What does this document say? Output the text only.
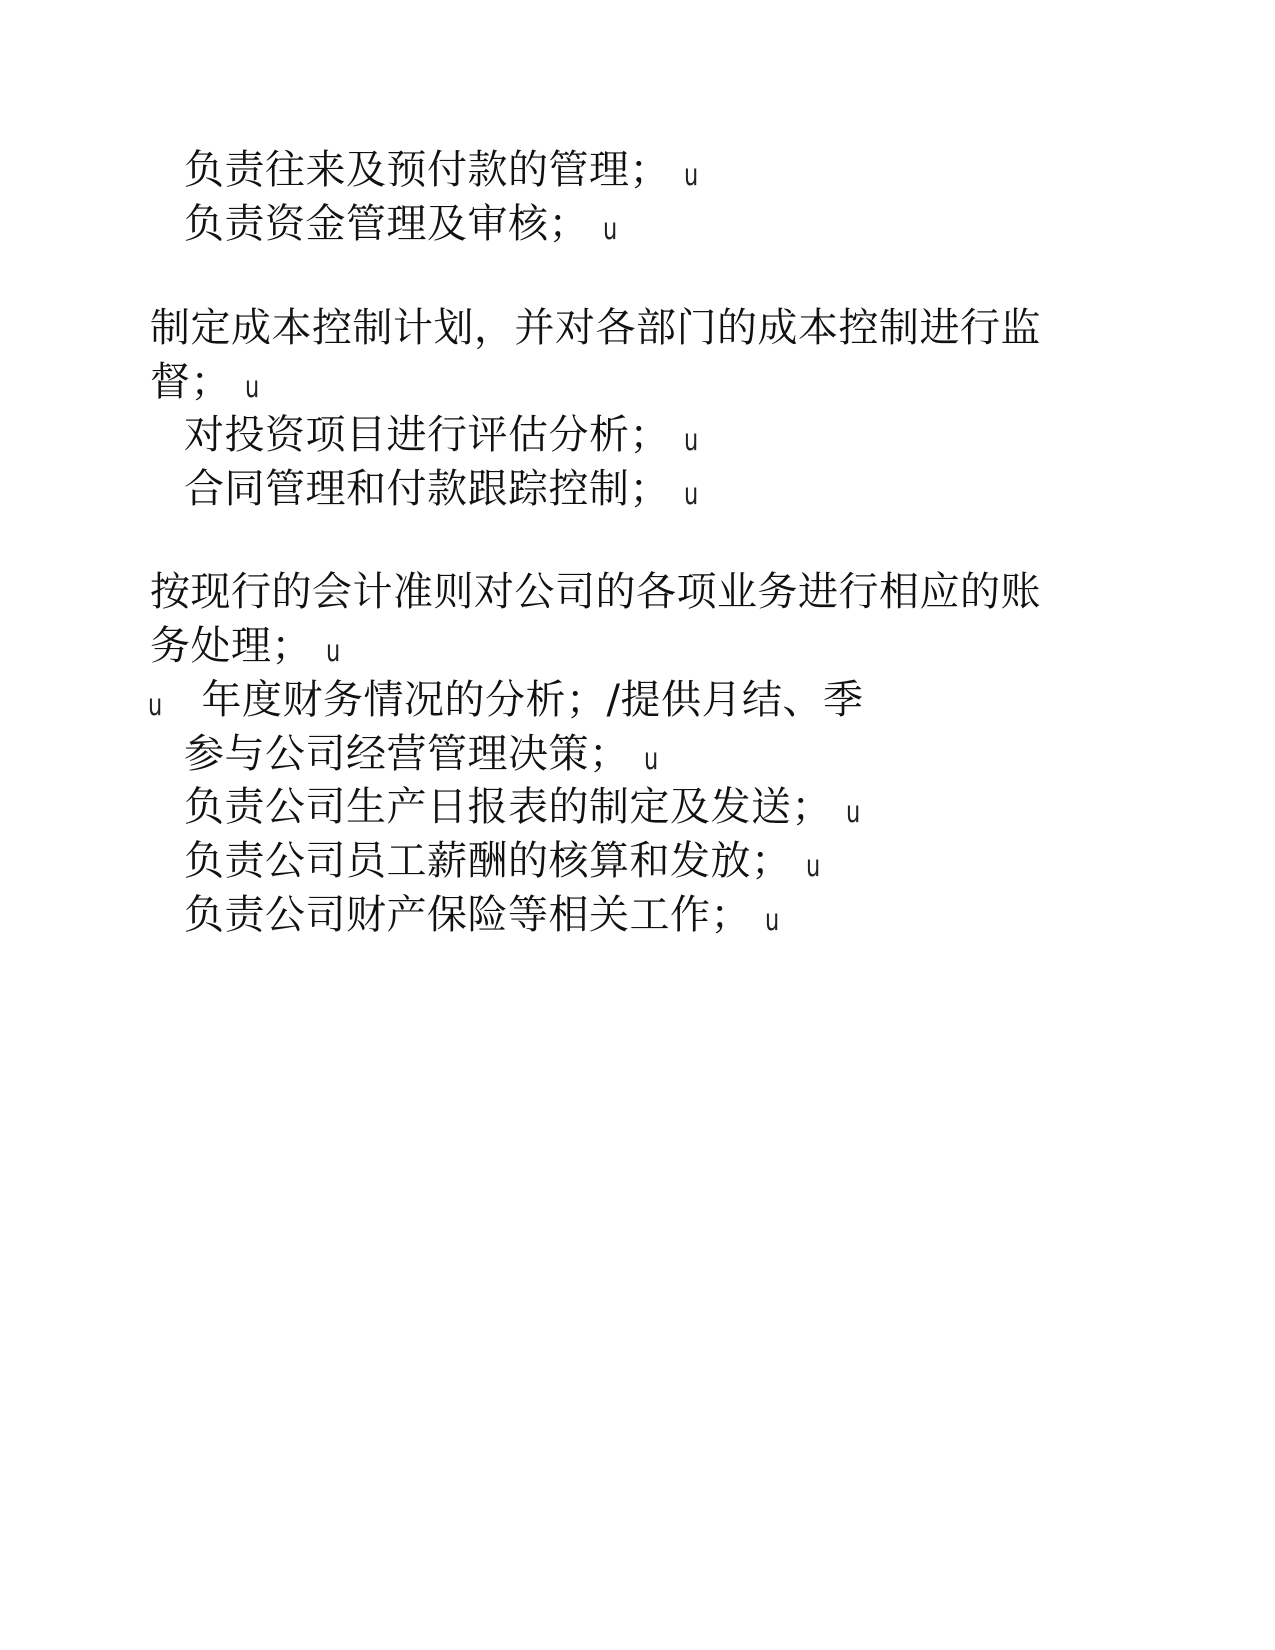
负责往来及预付款的管理； u
负责资金管理及审核； u
制定成本控制计划，并对各部门的成本控制进行监
督； u
对投资项目进行评估分析； u
合同管理和付款跟踪控制； u
按现行的会计准则对公司的各项业务进行相应的账
务处理； u
u 年度财务情况的分析；/提供月结、季
参与公司经营管理决策； u
负责公司生产日报表的制定及发送； u
负责公司员工薪酬的核算和发放； u
负责公司财产保险等相关工作； u
